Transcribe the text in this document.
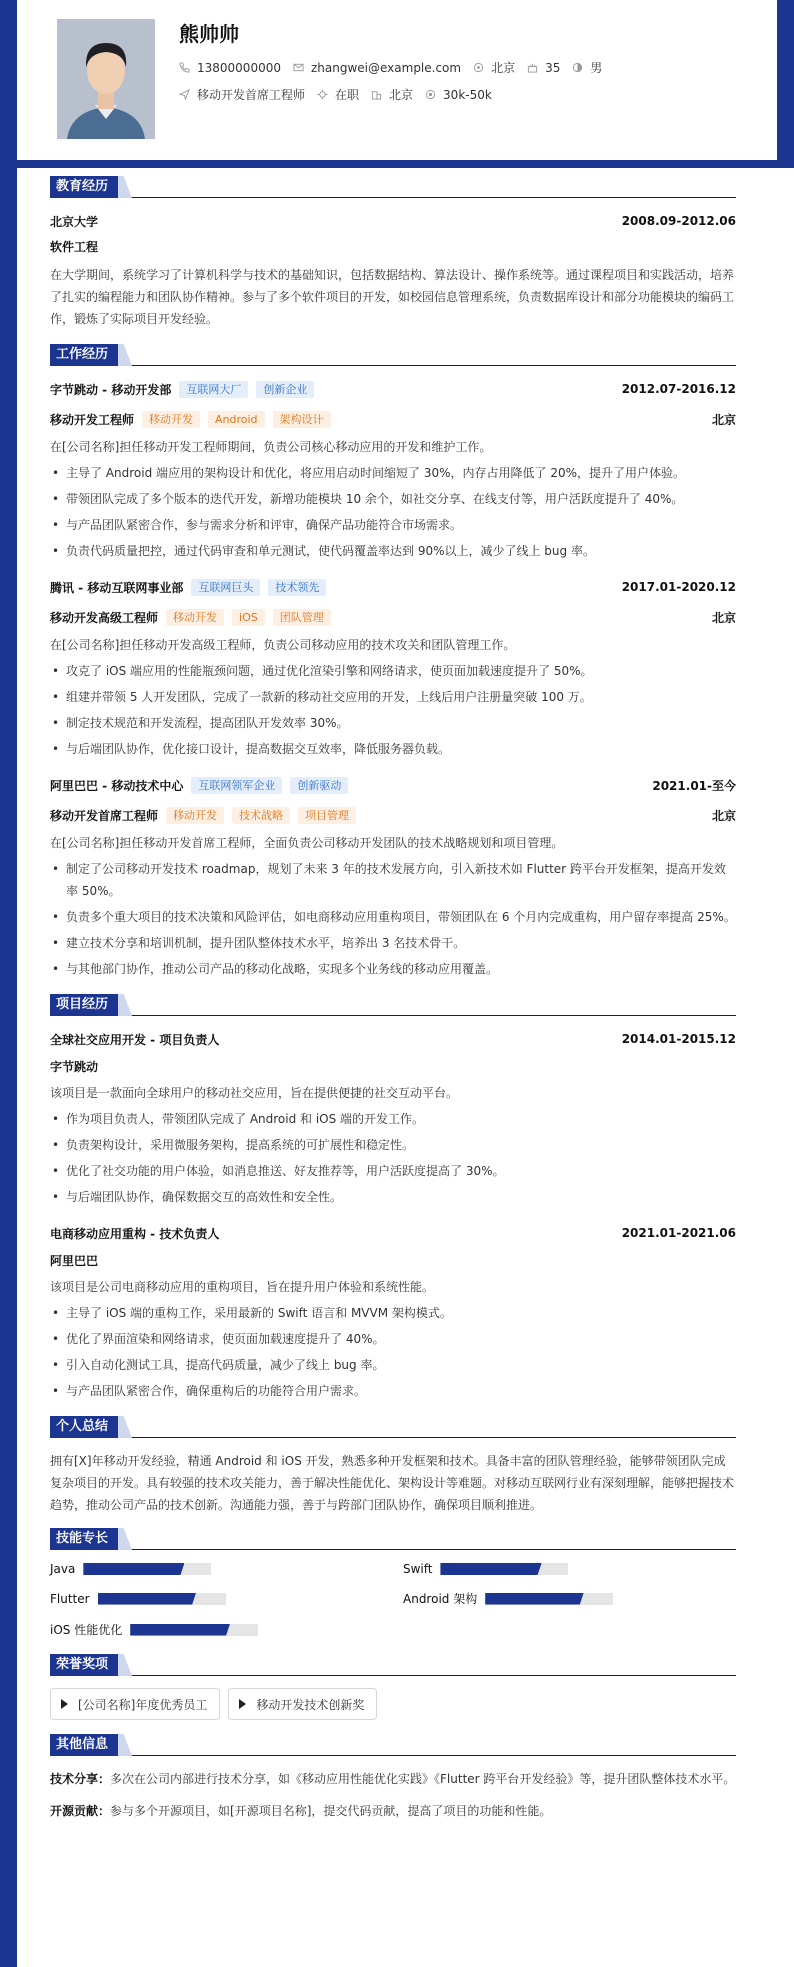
熊帅帅
13800000000	zhangwei@example.com	北京	35	男
移动开发首席工程师	在职	北京	30k-50k
教育经历
北京大学	2008.09-2012.06
软件工程

在大学期间，系统学习了计算机科学与技术的基础知识，包括数据结构、算法设计、操作系统等。通过课程项目和实践活动，培养了扎实的编程能力和团队协作精神。参与了多个软件项目的开发，如校园信息管理系统，负责数据库设计和部分功能模块的编码工作，锻炼了实际项目开发经验。

工作经历
字节跳动 - 移动开发部	互联网大厂	创新企业	2012.07-2016.12
移动开发工程师	移动开发	Android	架构设计	北京

在[公司名称]担任移动开发工程师期间，负责公司核心移动应用的开发和维护工作。

• 主导了 Android 端应用的架构设计和优化，将应用启动时间缩短了 30%，内存占用降低了 20%，提升了用户体验。
• 带领团队完成了多个版本的迭代开发，新增功能模块 10 余个，如社交分享、在线支付等，用户活跃度提升了 40%。
• 与产品团队紧密合作，参与需求分析和评审，确保产品功能符合市场需求。
• 负责代码质量把控，通过代码审查和单元测试，使代码覆盖率达到 90%以上，减少了线上 bug 率。
腾讯 - 移动互联网事业部	互联网巨头	技术领先	2017.01-2020.12
移动开发高级工程师	移动开发	iOS	团队管理	北京

在[公司名称]担任移动开发高级工程师，负责公司移动应用的技术攻关和团队管理工作。

• 攻克了 iOS 端应用的性能瓶颈问题，通过优化渲染引擎和网络请求，使页面加载速度提升了 50%。
• 组建并带领 5 人开发团队，完成了一款新的移动社交应用的开发，上线后用户注册量突破 100 万。
• 制定技术规范和开发流程，提高团队开发效率 30%。
• 与后端团队协作，优化接口设计，提高数据交互效率，降低服务器负载。
阿里巴巴 - 移动技术中心	互联网领军企业	创新驱动	2021.01-至今
移动开发首席工程师	移动开发	技术战略	项目管理	北京

在[公司名称]担任移动开发首席工程师，全面负责公司移动开发团队的技术战略规划和项目管理。

• 制定了公司移动开发技术 roadmap，规划了未来 3 年的技术发展方向，引入新技术如 Flutter 跨平台开发框架，提高开发效率 50%。
• 负责多个重大项目的技术决策和风险评估，如电商移动应用重构项目，带领团队在 6 个月内完成重构，用户留存率提高 25%。
• 建立技术分享和培训机制，提升团队整体技术水平，培养出 3 名技术骨干。
• 与其他部门协作，推动公司产品的移动化战略，实现多个业务线的移动应用覆盖。
项目经历
全球社交应用开发 - 项目负责人	2014.01-2015.12
字节跳动

该项目是一款面向全球用户的移动社交应用，旨在提供便捷的社交互动平台。

• 作为项目负责人，带领团队完成了 Android 和 iOS 端的开发工作。
• 负责架构设计，采用微服务架构，提高系统的可扩展性和稳定性。
• 优化了社交功能的用户体验，如消息推送、好友推荐等，用户活跃度提高了 30%。
• 与后端团队协作，确保数据交互的高效性和安全性。
电商移动应用重构 - 技术负责人	2021.01-2021.06
阿里巴巴

该项目是公司电商移动应用的重构项目，旨在提升用户体验和系统性能。

• 主导了 iOS 端的重构工作，采用最新的 Swift 语言和 MVVM 架构模式。
• 优化了界面渲染和网络请求，使页面加载速度提升了 40%。
• 引入自动化测试工具，提高代码质量，减少了线上 bug 率。
• 与产品团队紧密合作，确保重构后的功能符合用户需求。
个人总结

拥有[X]年移动开发经验，精通 Android 和 iOS 开发，熟悉多种开发框架和技术。具备丰富的团队管理经验，能够带领团队完成复杂项目的开发。具有较强的技术攻关能力，善于解决性能优化、架构设计等难题。对移动互联网行业有深刻理解，能够把握技术趋势，推动公司产品的技术创新。沟通能力强，善于与跨部门团队协作，确保项目顺利推进。

技能专长
Java	Swift
Flutter	Android 架构
iOS 性能优化
荣誉奖项
[公司名称]年度优秀员工	移动开发技术创新奖
其他信息

技术分享：多次在公司内部进行技术分享，如《移动应用性能优化实践》《Flutter 跨平台开发经验》等，提升团队整体技术水平。

开源贡献：参与多个开源项目，如[开源项目名称]，提交代码贡献，提高了项目的功能和性能。
